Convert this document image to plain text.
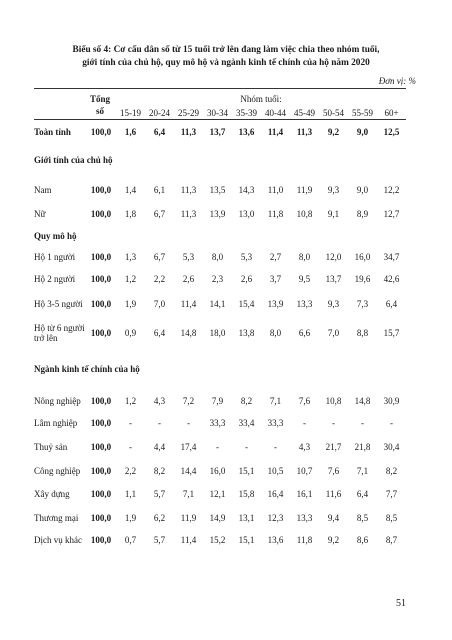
Biểu số 4: Cơ cấu dân số từ 15 tuổi trở lên đang làm việc chia theo nhóm tuổi,
giới tính của chủ hộ, quy mô hộ và ngành kinh tế chính của hộ năm 2020
Đơn vị: %
Tổng số
Nhóm tuổi:
15-19 20-24 25-29 30-34 35-39 40-44 45-49 50-54 55-59	60+
Toàn tỉnh	100,0	1,6	6,4	11,3	13,7	13,6	11,4	11,3	9,2	9,0	12,5
Giới tính của chủ hộ											
Nam	100,0	1,4	6,1	11,3	13,5	14,3	11,0	11,9	9,3	9,0	12,2
Nữ	100,0	1,8	6,7	11,3	13,9	13,0	11,8	10,8	9,1	8,9	12,7
Quy mô hộ											
Hộ 1 người	100,0	1,3	6,7	5,3	8,0	5,3	2,7	8,0	12,0	16,0	34,7
Hộ 2 người	100,0	1,2	2,2	2,6	2,3	2,6	3,7	9,5	13,7	19,6	42,6
Hộ 3-5 người	100,0	1,9	7,0	11,4	14,1	15,4	13,9	13,3	9,3	7,3	6,4
Hộ từ 6 người trở lên	100,0	0,9	6,4	14,8	18,0	13,8	8,0	6,6	7,0	8,8	15,7
Ngành kinh tế chính của hộ											
Nông nghiệp	100,0	1,2	4,3	7,2	7,9	8,2	7,1	7,6	10,8	14,8	30,9
Lâm nghiệp	100,0	-	-	-	33,3	33,4	33,3	-	-	-	-
Thuỷ sản	100,0	-	4,4	17,4	-	-	-	4,3	21,7	21,8	30,4
Công nghiệp	100,0	2,2	8,2	14,4	16,0	15,1	10,5	10,7	7,6	7,1	8,2
Xây dựng	100,0	1,1	5,7	7,1	12,1	15,8	16,4	16,1	11,6	6,4	7,7
Thương mại	100,0	1,9	6,2	11,9	14,9	13,1	12,3	13,3	9,4	8,5	8,5
Dịch vụ khác	100,0	0,7	5,7	11,4	15,2	15,1	13,6	11,8	9,2	8,6	8,7
51
